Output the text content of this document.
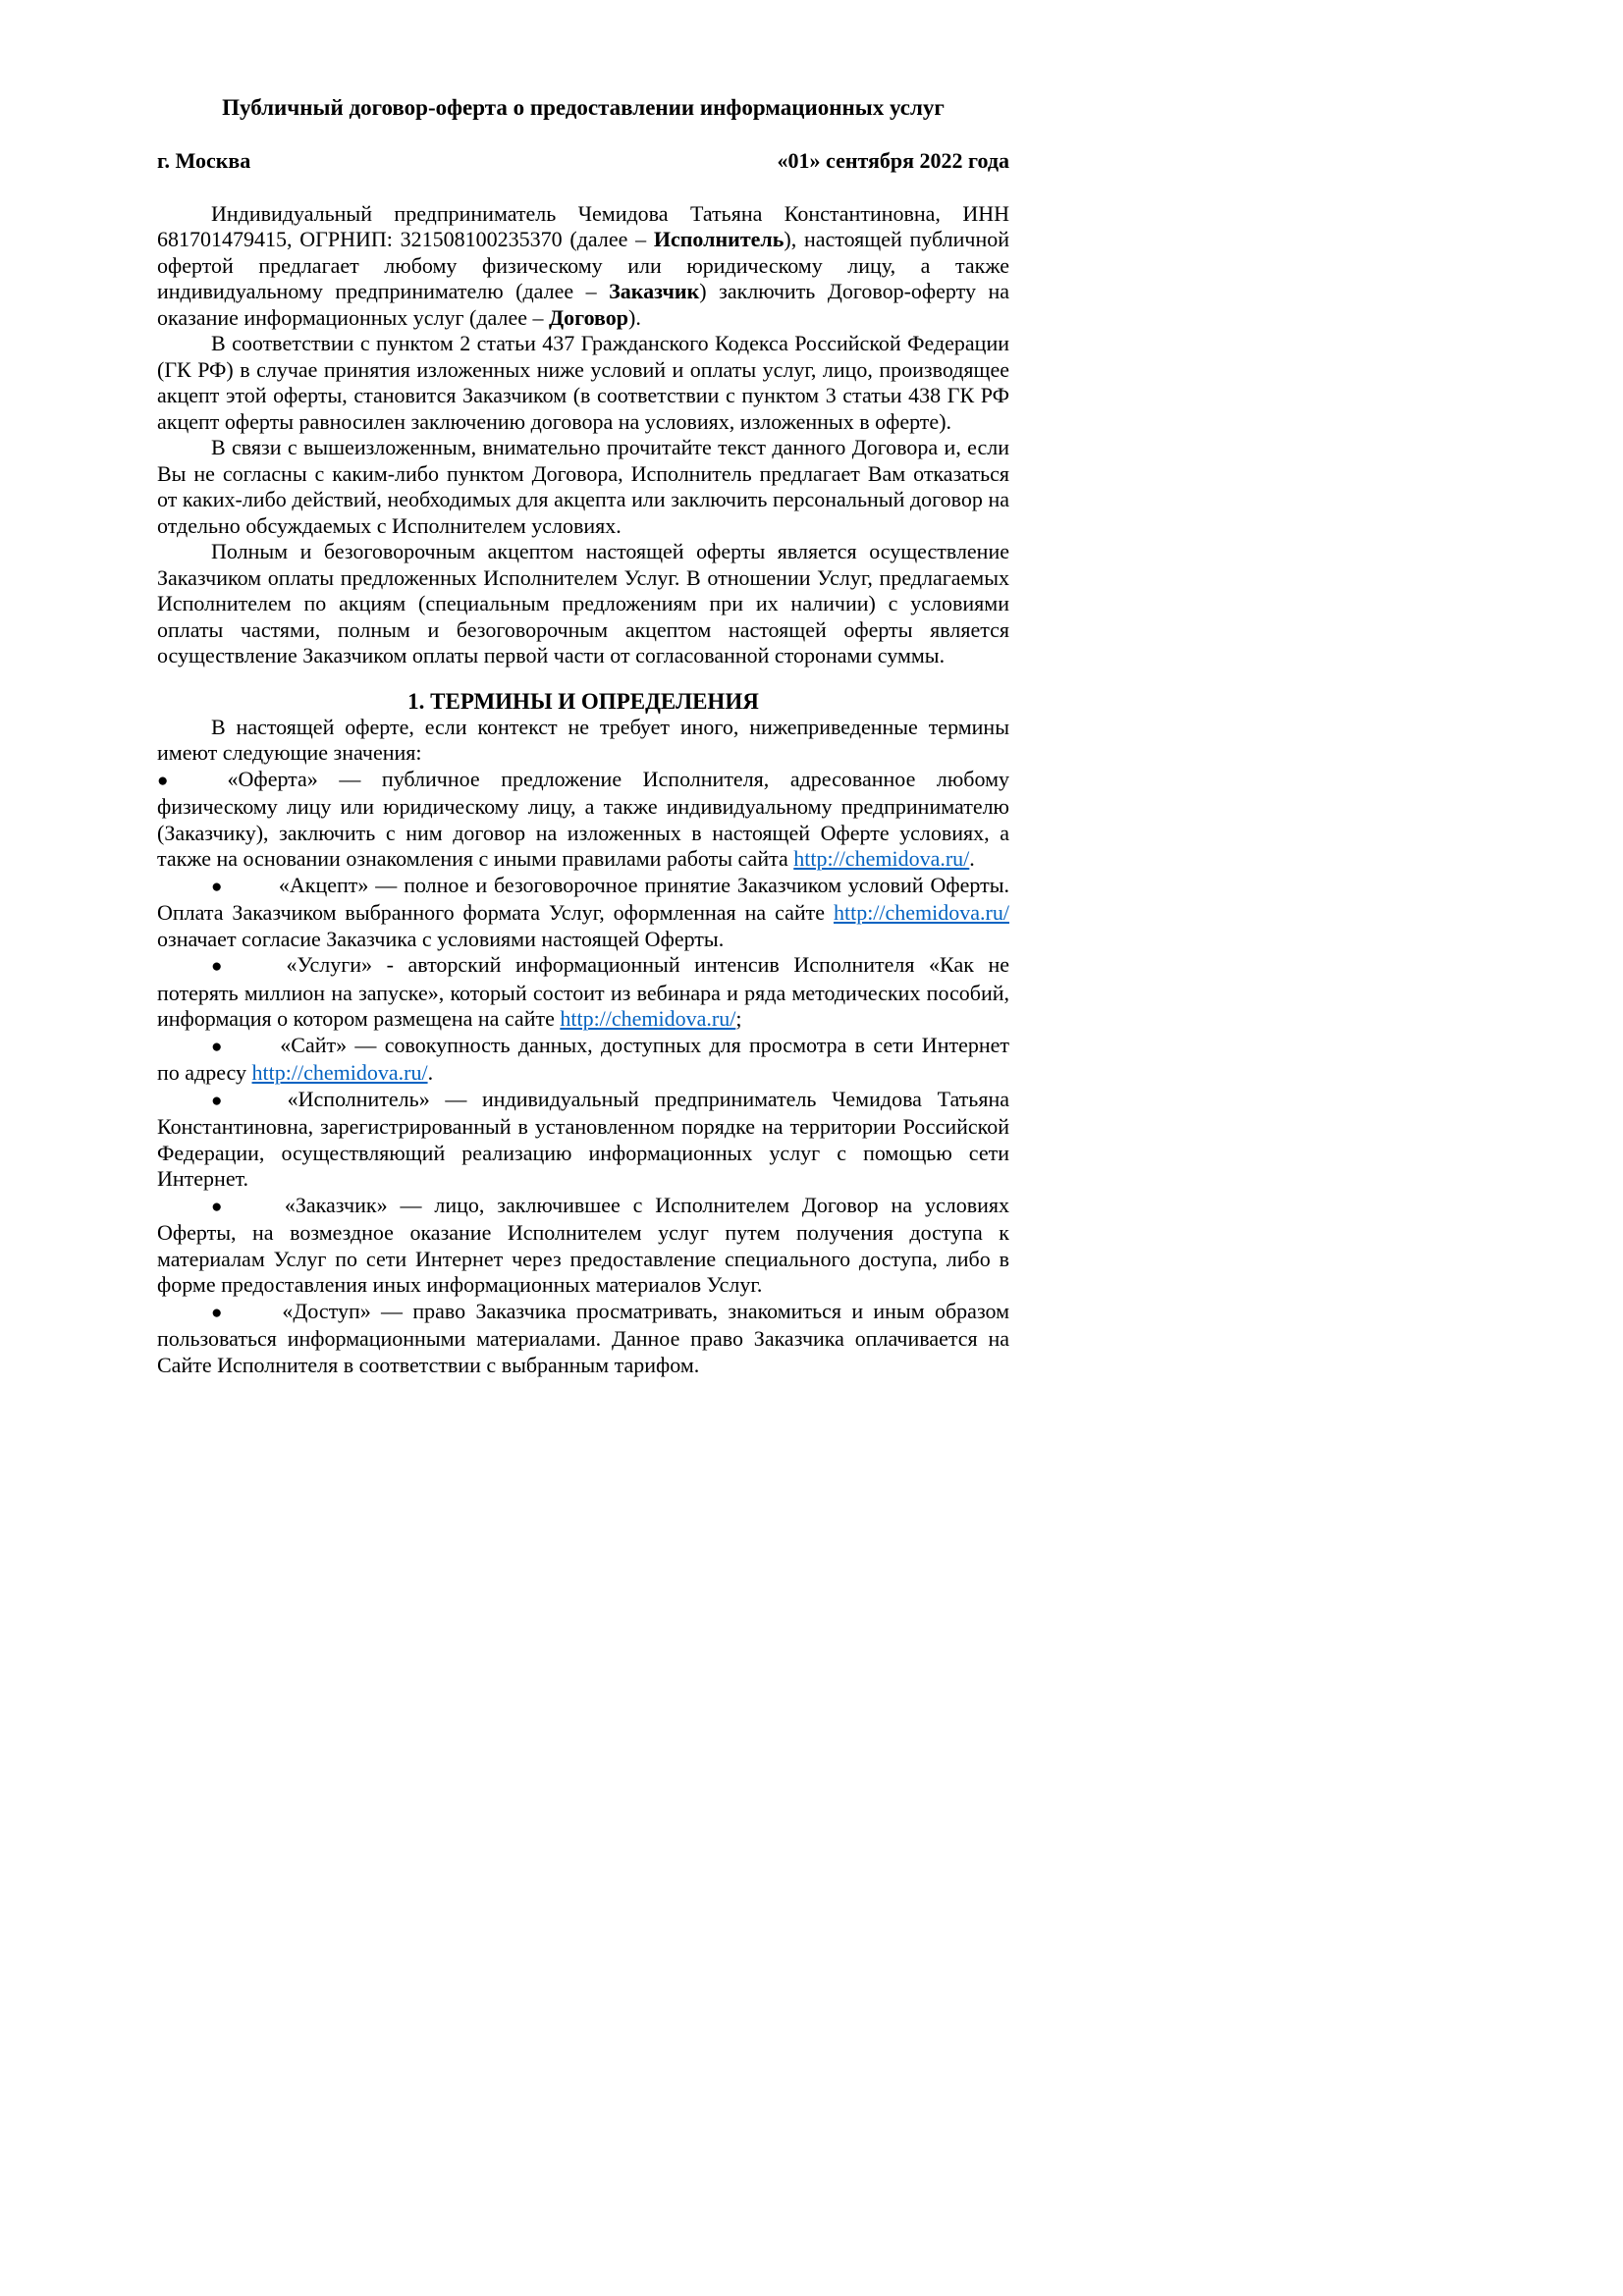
Публичный договор-оферта о предоставлении информационных услуг
г. Москва	«01» сентября 2022 года

Индивидуальный предприниматель Чемидова Татьяна Константиновна, ИНН 681701479415, ОГРНИП: 321508100235370 (далее – Исполнитель), настоящей публичной офертой предлагает любому физическому или юридическому лицу, а также индивидуальному предпринимателю (далее – Заказчик) заключить Договор-оферту на оказание информационных услуг (далее – Договор).

В соответствии с пунктом 2 статьи 437 Гражданского Кодекса Российской Федерации (ГК РФ) в случае принятия изложенных ниже условий и оплаты услуг, лицо, производящее акцепт этой оферты, становится Заказчиком (в соответствии с пунктом 3 статьи 438 ГК РФ акцепт оферты равносилен заключению договора на условиях, изложенных в оферте).

В связи с вышеизложенным, внимательно прочитайте текст данного Договора и, если Вы не согласны с каким-либо пунктом Договора, Исполнитель предлагает Вам отказаться от каких-либо действий, необходимых для акцепта или заключить персональный договор на отдельно обсуждаемых с Исполнителем условиях.

Полным и безоговорочным акцептом настоящей оферты является осуществление Заказчиком оплаты предложенных Исполнителем Услуг. В отношении Услуг, предлагаемых Исполнителем по акциям (специальным предложениям при их наличии) с условиями оплаты частями, полным и безоговорочным акцептом настоящей оферты является осуществление Заказчиком оплаты первой части от согласованной сторонами суммы.

1. ТЕРМИНЫ И ОПРЕДЕЛЕНИЯ

В настоящей оферте, если контекст не требует иного, нижеприведенные термины имеют следующие значения:

● «Оферта» — публичное предложение Исполнителя, адресованное любому физическому лицу или юридическому лицу, а также индивидуальному предпринимателю (Заказчику), заключить с ним договор на изложенных в настоящей Оферте условиях, а также на основании ознакомления с иными правилами работы сайта http://chemidova.ru/.

●	«Акцепт» — полное и безоговорочное принятие Заказчиком условий Оферты. Оплата Заказчиком выбранного формата Услуг, оформленная на сайте http://chemidova.ru/ означает согласие Заказчика с условиями настоящей Оферты.

●	«Услуги» - авторский информационный интенсив Исполнителя «Как не потерять миллион на запуске», который состоит из вебинара и ряда методических пособий, информация о котором размещена на сайте http://chemidova.ru/;

●	«Сайт» — совокупность данных, доступных для просмотра в сети Интернет по адресу http://chemidova.ru/.

●	«Исполнитель» — индивидуальный предприниматель Чемидова Татьяна Константиновна, зарегистрированный в установленном порядке на территории Российской Федерации, осуществляющий реализацию информационных услуг с помощью сети Интернет.

●	«Заказчик» — лицо, заключившее с Исполнителем Договор на условиях Оферты, на возмездное оказание Исполнителем услуг путем получения доступа к материалам Услуг по сети Интернет через предоставление специального доступа, либо в форме предоставления иных информационных материалов Услуг.

●	«Доступ» — право Заказчика просматривать, знакомиться и иным образом пользоваться информационными материалами. Данное право Заказчика оплачивается на Сайте Исполнителя в соответствии с выбранным тарифом.
